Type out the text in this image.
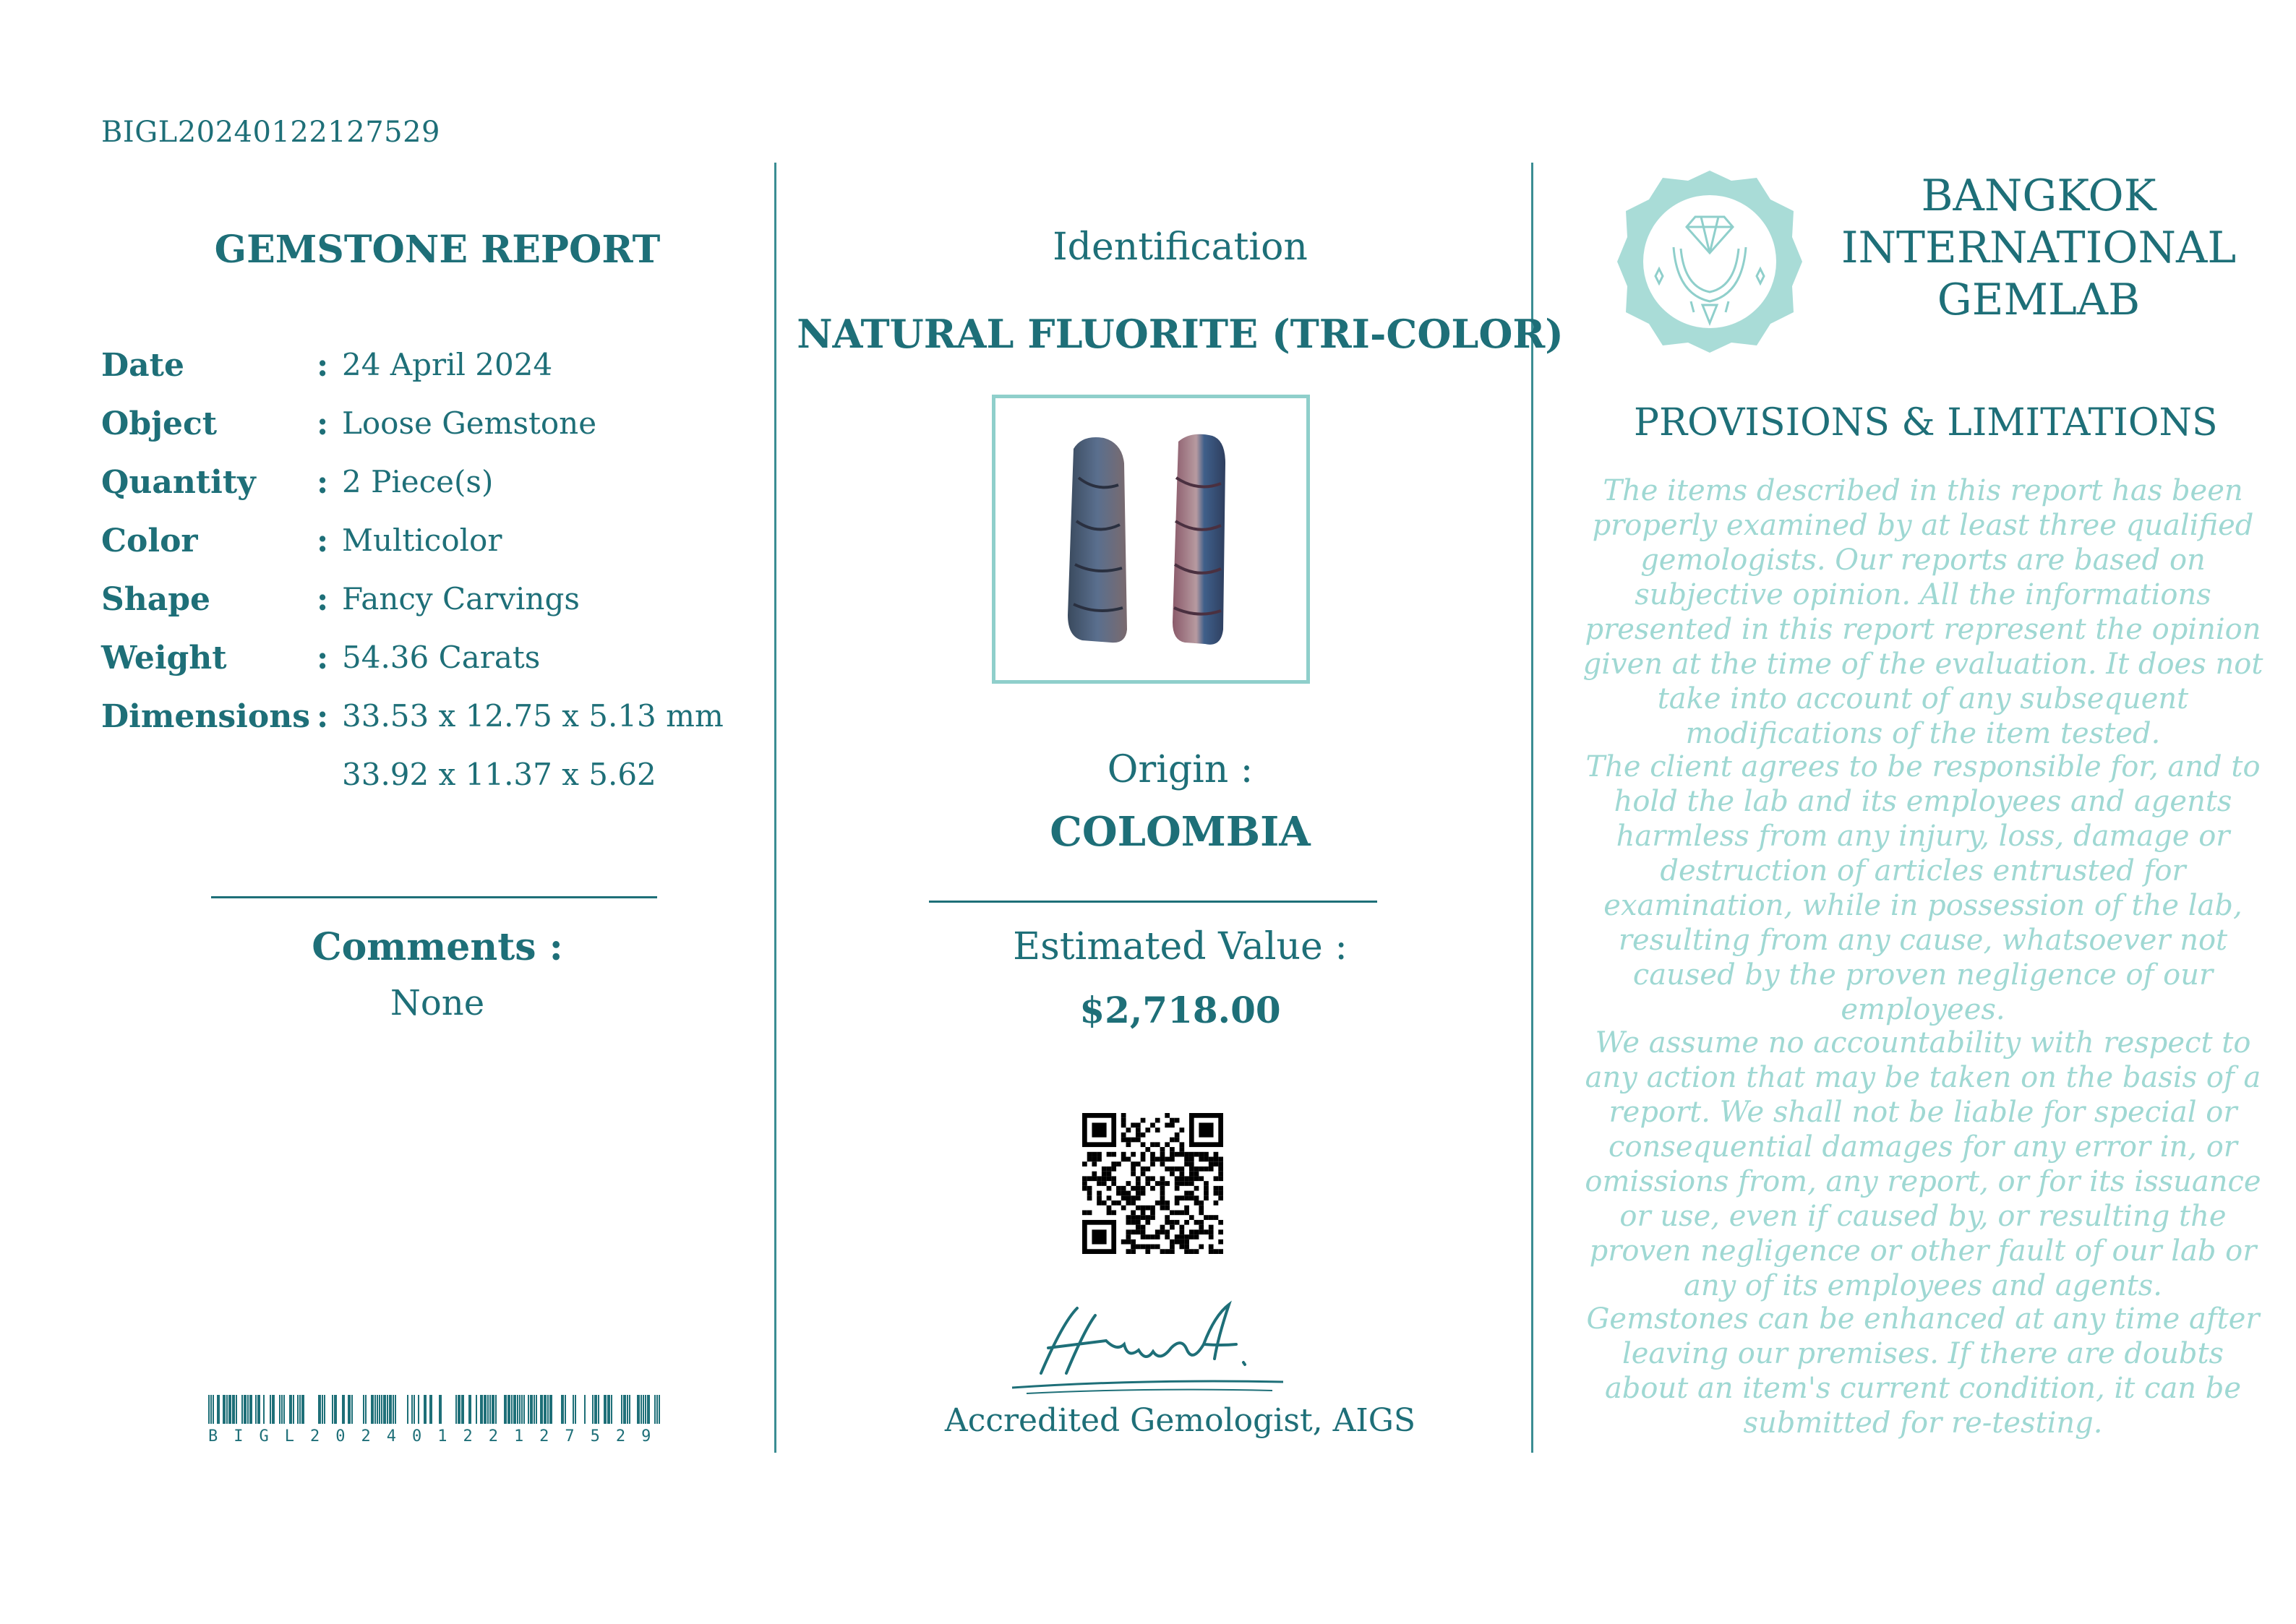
BIGL20240122127529
GEMSTONE REPORT
Date	: 24 April 2024
Object	: Loose Gemstone
Quantity : 2 Piece(s)
Color	: Multicolor
Shape	: Fancy Carvings
Weight	: 54.36 Carats
Dimensions : 33.53 x 12.75 x 5.13 mm
33.92 x 11.37 x 5.62
Comments :
None
BIGL20240122127529
Identification
NATURAL FLUORITE (TRI-COLOR)
Origin :
COLOMBIA
Estimated Value :
$2,718.00
Accredited Gemologist, AIGS
BANGKOK
INTERNATIONAL
GEMLAB
PROVISIONS & LIMITATIONS
The items described in this report has been properly examined by at least three qualified gemologists. Our reports are based on subjective opinion. All the informations presented in this report represent the opinion given at the time of the evaluation. It does not take into account of any subsequent modifications of the item tested.
The client agrees to be responsible for, and to hold the lab and its employees and agents harmless from any injury, loss, damage or destruction of articles entrusted for examination, while in possession of the lab, resulting from any cause, whatsoever not caused by the proven negligence of our employees.
We assume no accountability with respect to any action that may be taken on the basis of a report. We shall not be liable for special or consequential damages for any error in, or omissions from, any report, or for its issuance or use, even if caused by, or resulting the proven negligence or other fault of our lab or any of its employees and agents.
Gemstones can be enhanced at any time after leaving our premises. If there are doubts about an item's current condition, it can be submitted for re-testing.
